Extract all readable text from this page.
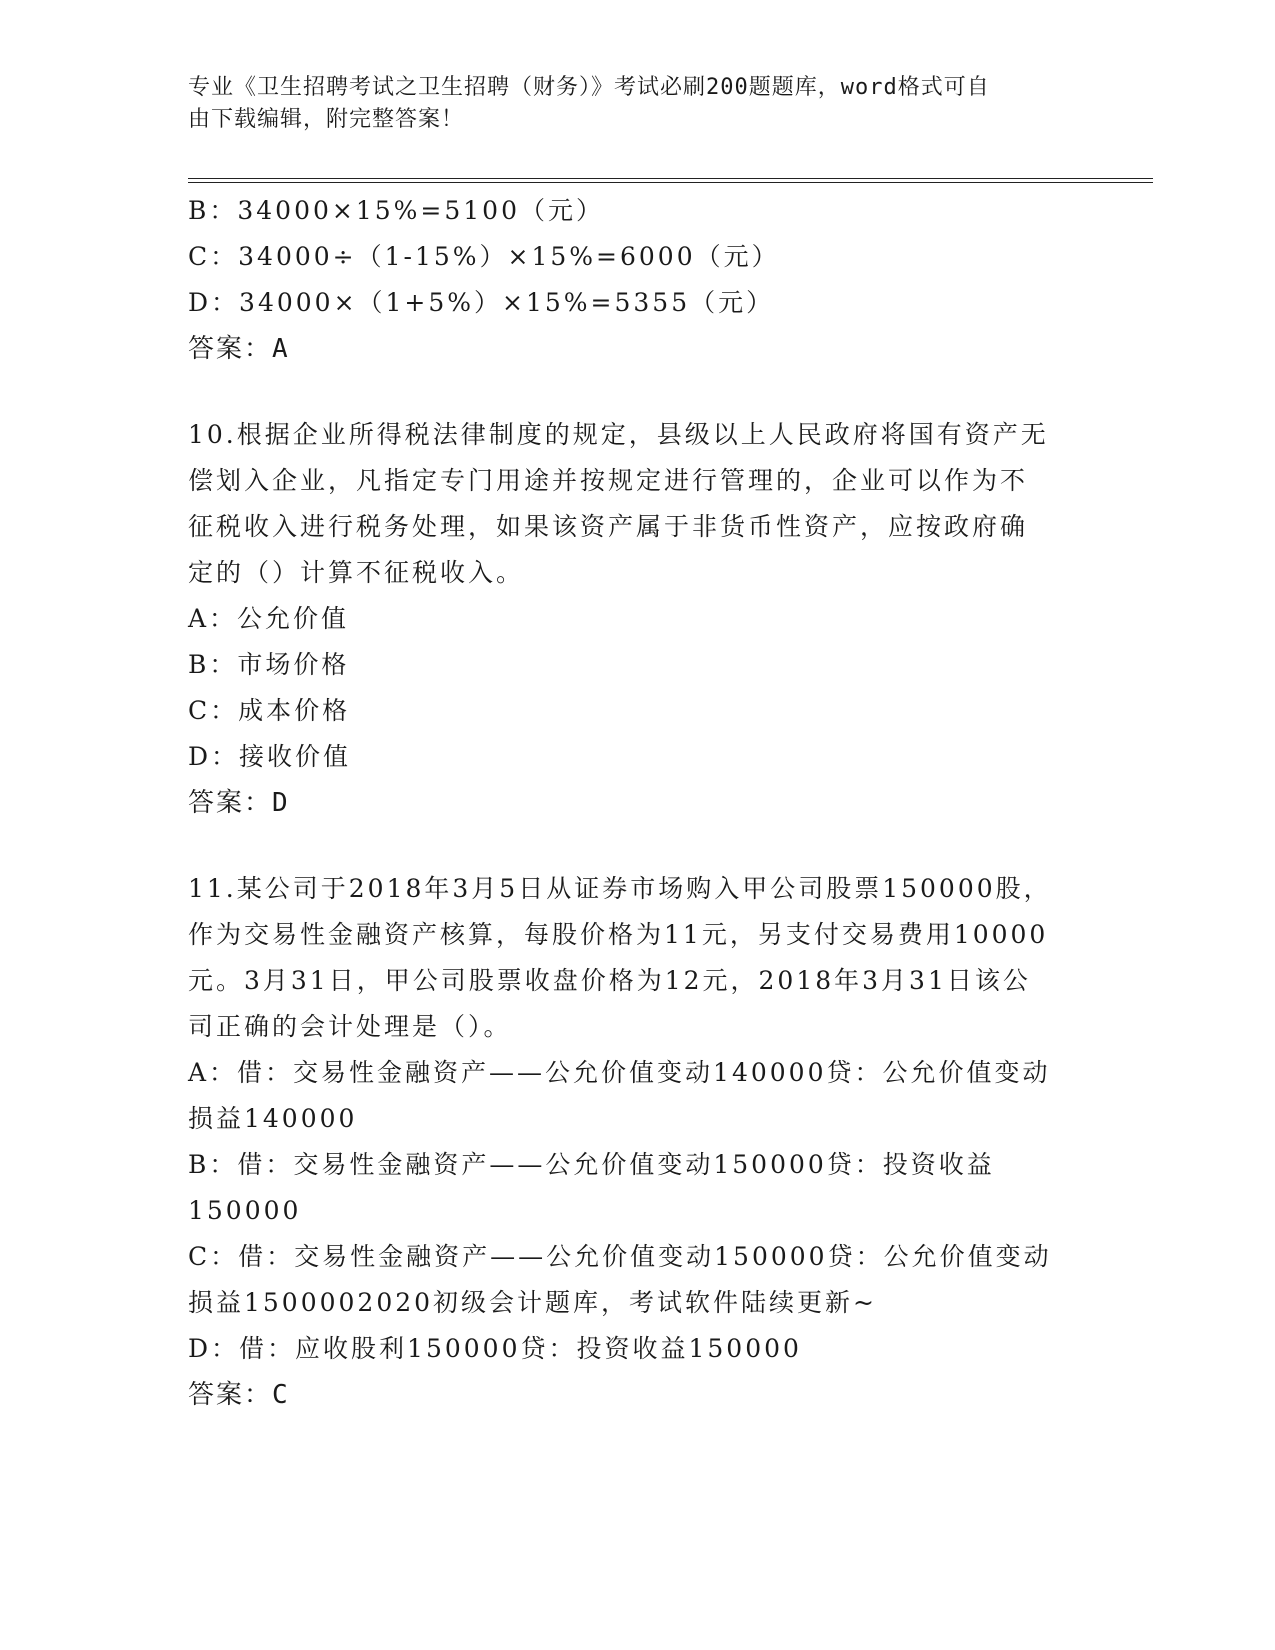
专业《卫生招聘考试之卫生招聘（财务）》考试必刷200题题库，word格式可自
由下载编辑，附完整答案！
B：34000×15%=5100（元）
C：34000÷（1-15%）×15%=6000（元）
D：34000×（1+5%）×15%=5355（元）
答案：A
10.根据企业所得税法律制度的规定，县级以上人民政府将国有资产无
偿划入企业，凡指定专门用途并按规定进行管理的，企业可以作为不
征税收入进行税务处理，如果该资产属于非货币性资产，应按政府确
定的（）计算不征税收入。
A：公允价值
B：市场价格
C：成本价格
D：接收价值
答案：D
11.某公司于2018年3月5日从证券市场购入甲公司股票150000股，
作为交易性金融资产核算，每股价格为11元，另支付交易费用10000
元。3月31日，甲公司股票收盘价格为12元，2018年3月31日该公
司正确的会计处理是（）。
A：借：交易性金融资产——公允价值变动140000贷：公允价值变动
损益140000
B：借：交易性金融资产——公允价值变动150000贷：投资收益
150000
C：借：交易性金融资产——公允价值变动150000贷：公允价值变动
损益1500002020初级会计题库，考试软件陆续更新~
D：借：应收股利150000贷：投资收益150000
答案：C
